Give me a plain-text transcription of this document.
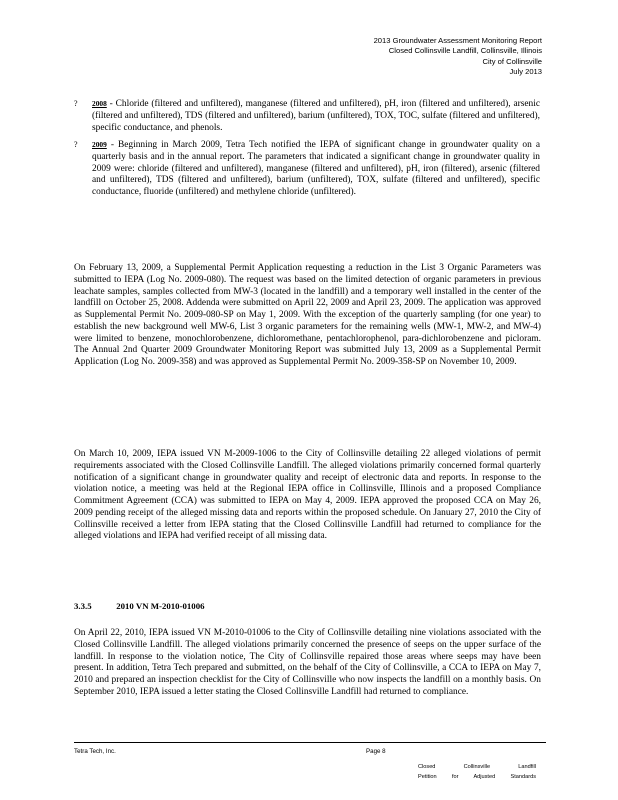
2013 Groundwater Assessment Monitoring Report
Closed Collinsville Landfill, Collinsville, Illinois
City of Collinsville
July 2013
? 2008 - Chloride (filtered and unfiltered), manganese (filtered and unfiltered), pH, iron (filtered and unfiltered), arsenic (filtered and unfiltered), TDS (filtered and unfiltered), barium (unfiltered), TOX, TOC, sulfate (filtered and unfiltered), specific conductance, and phenols.
? 2009 - Beginning in March 2009, Tetra Tech notified the IEPA of significant change in groundwater quality on a quarterly basis and in the annual report. The parameters that indicated a significant change in groundwater quality in 2009 were: chloride (filtered and unfiltered), manganese (filtered and unfiltered), pH, iron (filtered), arsenic (filtered and unfiltered), TDS (filtered and unfiltered), barium (unfiltered), TOX, sulfate (filtered and unfiltered), specific conductance, fluoride (unfiltered) and methylene chloride (unfiltered).

On February 13, 2009, a Supplemental Permit Application requesting a reduction in the List 3 Organic Parameters was submitted to IEPA (Log No. 2009-080). The request was based on the limited detection of organic parameters in previous leachate samples, samples collected from MW-3 (located in the landfill) and a temporary well installed in the center of the landfill on October 25, 2008. Addenda were submitted on April 22, 2009 and April 23, 2009. The application was approved as Supplemental Permit No. 2009-080-SP on May 1, 2009. With the exception of the quarterly sampling (for one year) to establish the new background well MW-6, List 3 organic parameters for the remaining wells (MW-1, MW-2, and MW-4) were limited to benzene, monochlorobenzene, dichloromethane, pentachlorophenol, para-dichlorobenzene and picloram. The Annual 2nd Quarter 2009 Groundwater Monitoring Report was submitted July 13, 2009 as a Supplemental Permit Application (Log No. 2009-358) and was approved as Supplemental Permit No. 2009-358-SP on November 10, 2009.

On March 10, 2009, IEPA issued VN M-2009-1006 to the City of Collinsville detailing 22 alleged violations of permit requirements associated with the Closed Collinsville Landfill. The alleged violations primarily concerned formal quarterly notification of a significant change in groundwater quality and receipt of electronic data and reports. In response to the violation notice, a meeting was held at the Regional IEPA office in Collinsville, Illinois and a proposed Compliance Commitment Agreement (CCA) was submitted to IEPA on May 4, 2009. IEPA approved the proposed CCA on May 26, 2009 pending receipt of the alleged missing data and reports within the proposed schedule. On January 27, 2010 the City of Collinsville received a letter from IEPA stating that the Closed Collinsville Landfill had returned to compliance for the alleged violations and IEPA had verified receipt of all missing data.

3.3.5	2010 VN M-2010-01006

On April 22, 2010, IEPA issued VN M-2010-01006 to the City of Collinsville detailing nine violations associated with the Closed Collinsville Landfill. The alleged violations primarily concerned the presence of seeps on the upper surface of the landfill. In response to the violation notice, The City of Collinsville repaired those areas where seeps may have been present. In addition, Tetra Tech prepared and submitted, on the behalf of the City of Collinsville, a CCA to IEPA on May 7, 2010 and prepared an inspection checklist for the City of Collinsville who now inspects the landfill on a monthly basis. On September 2010, IEPA issued a letter stating the Closed Collinsville Landfill had returned to compliance.

Tetra Tech, Inc.	Page 8
Closed Collinsville Landfill
Petition for Adjusted Standards
